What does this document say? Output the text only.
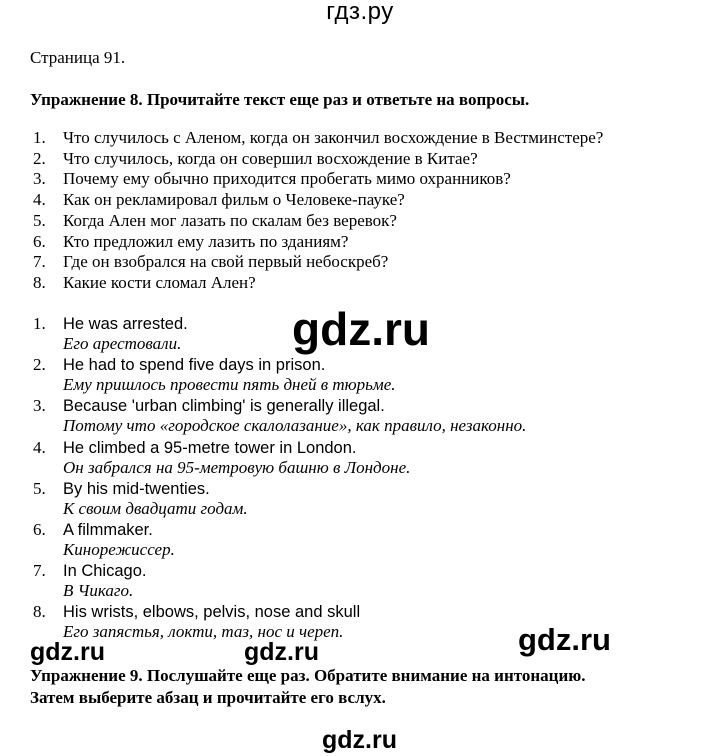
гдз.ру
Страница 91.
Упражнение 8. Прочитайте текст еще раз и ответьте на вопросы.
1. Что случилось с Аленом, когда он закончил восхождение в Вестминстере?
2. Что случилось, когда он совершил восхождение в Китае?
3. Почему ему обычно приходится пробегать мимо охранников?
4. Как он рекламировал фильм о Человеке-пауке?
5. Когда Ален мог лазать по скалам без веревок?
6. Кто предложил ему лазить по зданиям?
7. Где он взобрался на свой первый небоскреб?
8. Какие кости сломал Ален?
1. He was arrested.
Его арестовали.
2. He had to spend five days in prison.
Ему пришлось провести пять дней в тюрьме.
3. Because 'urban climbing' is generally illegal.
Потому что «городское скалолазание», как правило, незаконно.
4. He climbed a 95-metre tower in London.
Он забрался на 95-метровую башню в Лондоне.
5. By his mid-twenties.
К своим двадцати годам.
6. A filmmaker.
Кинорежиссер.
7. In Chicago.
В Чикаго.
8. His wrists, elbows, pelvis, nose and skull
Его запястья, локти, таз, нос и череп.
Упражнение 9. Послушайте еще раз. Обратите внимание на интонацию.
Затем выберите абзац и прочитайте его вслух.
gdz.ru
gdz.ru	gdz.ru	gdz.ru
gdz.ru
